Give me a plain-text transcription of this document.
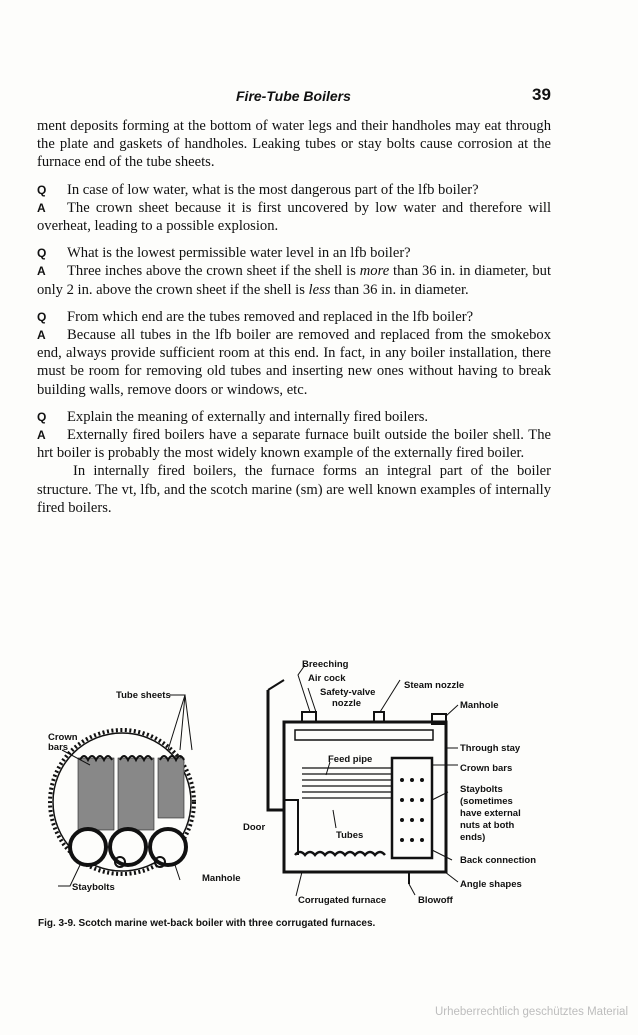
Fire-Tube Boilers	39

ment deposits forming at the bottom of water legs and their handholes may eat through the plate and gaskets of handholes. Leaking tubes or stay bolts cause corrosion at the furnace end of the tube sheets.

Q In case of low water, what is the most dangerous part of the lfb boiler?

A The crown sheet because it is first uncovered by low water and therefore will overheat, leading to a possible explosion.

Q What is the lowest permissible water level in an lfb boiler?

A Three inches above the crown sheet if the shell is more than 36 in. in diameter, but only 2 in. above the crown sheet if the shell is less than 36 in. in diameter.

Q From which end are the tubes removed and replaced in the lfb boiler?

A Because all tubes in the lfb boiler are removed and replaced from the smokebox end, always provide sufficient room at this end. In fact, in any boiler installation, there must be room for removing old tubes and inserting new ones without having to break building walls, remove doors or windows, etc.

Q Explain the meaning of externally and internally fired boilers.

A Externally fired boilers have a separate furnace built outside the boiler shell. The hrt boiler is probably the most widely known example of the externally fired boiler.

In internally fired boilers, the furnace forms an integral part of the boiler structure. The vt, lfb, and the scotch marine (sm) are well known examples of internally fired boilers.

Tube sheets
Crown
bars
Staybolts
Manhole
Door
Breeching
Air cock
Safety-valve
nozzle
Steam nozzle
Manhole
Feed pipe
Tubes
Through stay
Crown bars
Staybolts
(sometimes
have external
nuts at both
ends)
Back connection
Angle shapes
Corrugated furnace	Blowoff
Fig. 3-9. Scotch marine wet-back boiler with three corrugated furnaces.
Urheberrechtlich geschütztes Material
